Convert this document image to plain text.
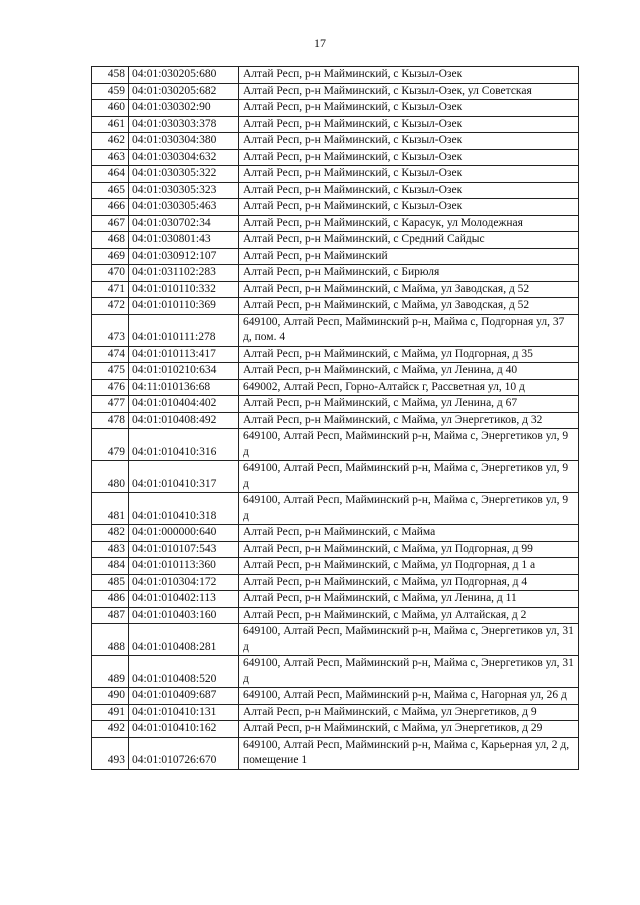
17
458	04:01:030205:680	Алтай Респ, р-н Майминский, с Кызыл-Озек
459	04:01:030205:682	Алтай Респ, р-н Майминский, с Кызыл-Озек, ул Советская
460	04:01:030302:90	Алтай Респ, р-н Майминский, с Кызыл-Озек
461	04:01:030303:378	Алтай Респ, р-н Майминский, с Кызыл-Озек
462	04:01:030304:380	Алтай Респ, р-н Майминский, с Кызыл-Озек
463	04:01:030304:632	Алтай Респ, р-н Майминский, с Кызыл-Озек
464	04:01:030305:322	Алтай Респ, р-н Майминский, с Кызыл-Озек
465	04:01:030305:323	Алтай Респ, р-н Майминский, с Кызыл-Озек
466	04:01:030305:463	Алтай Респ, р-н Майминский, с Кызыл-Озек
467	04:01:030702:34	Алтай Респ, р-н Майминский, с Карасук, ул Молодежная
468	04:01:030801:43	Алтай Респ, р-н Майминский, с Средний Сайдыс
469	04:01:030912:107	Алтай Респ, р-н Майминский
470	04:01:031102:283	Алтай Респ, р-н Майминский, с Бирюля
471	04:01:010110:332	Алтай Респ, р-н Майминский, с Майма, ул Заводская, д 52
472	04:01:010110:369	Алтай Респ, р-н Майминский, с Майма, ул Заводская, д 52
473	04:01:010111:278	649100, Алтай Респ, Майминский р-н, Майма с, Подгорная ул, 37 д, пом. 4
474	04:01:010113:417	Алтай Респ, р-н Майминский, с Майма, ул Подгорная, д 35
475	04:01:010210:634	Алтай Респ, р-н Майминский, с Майма, ул Ленина, д 40
476	04:11:010136:68	649002, Алтай Респ, Горно-Алтайск г, Рассветная ул, 10 д
477	04:01:010404:402	Алтай Респ, р-н Майминский, с Майма, ул Ленина, д 67
478	04:01:010408:492	Алтай Респ, р-н Майминский, с Майма, ул Энергетиков, д 32
479	04:01:010410:316	649100, Алтай Респ, Майминский р-н, Майма с, Энергетиков ул, 9 д
480	04:01:010410:317	649100, Алтай Респ, Майминский р-н, Майма с, Энергетиков ул, 9 д
481	04:01:010410:318	649100, Алтай Респ, Майминский р-н, Майма с, Энергетиков ул, 9 д
482	04:01:000000:640	Алтай Респ, р-н Майминский, с Майма
483	04:01:010107:543	Алтай Респ, р-н Майминский, с Майма, ул Подгорная, д 99
484	04:01:010113:360	Алтай Респ, р-н Майминский, с Майма, ул Подгорная, д 1 а
485	04:01:010304:172	Алтай Респ, р-н Майминский, с Майма, ул Подгорная, д 4
486	04:01:010402:113	Алтай Респ, р-н Майминский, с Майма, ул Ленина, д 11
487	04:01:010403:160	Алтай Респ, р-н Майминский, с Майма, ул Алтайская, д 2
488	04:01:010408:281	649100, Алтай Респ, Майминский р-н, Майма с, Энергетиков ул, 31 д
489	04:01:010408:520	649100, Алтай Респ, Майминский р-н, Майма с, Энергетиков ул, 31 д
490	04:01:010409:687	649100, Алтай Респ, Майминский р-н, Майма с, Нагорная ул, 26 д
491	04:01:010410:131	Алтай Респ, р-н Майминский, с Майма, ул Энергетиков, д 9
492	04:01:010410:162	Алтай Респ, р-н Майминский, с Майма, ул Энергетиков, д 29
493	04:01:010726:670	649100, Алтай Респ, Майминский р-н, Майма с, Карьерная ул, 2 д, помещение 1
